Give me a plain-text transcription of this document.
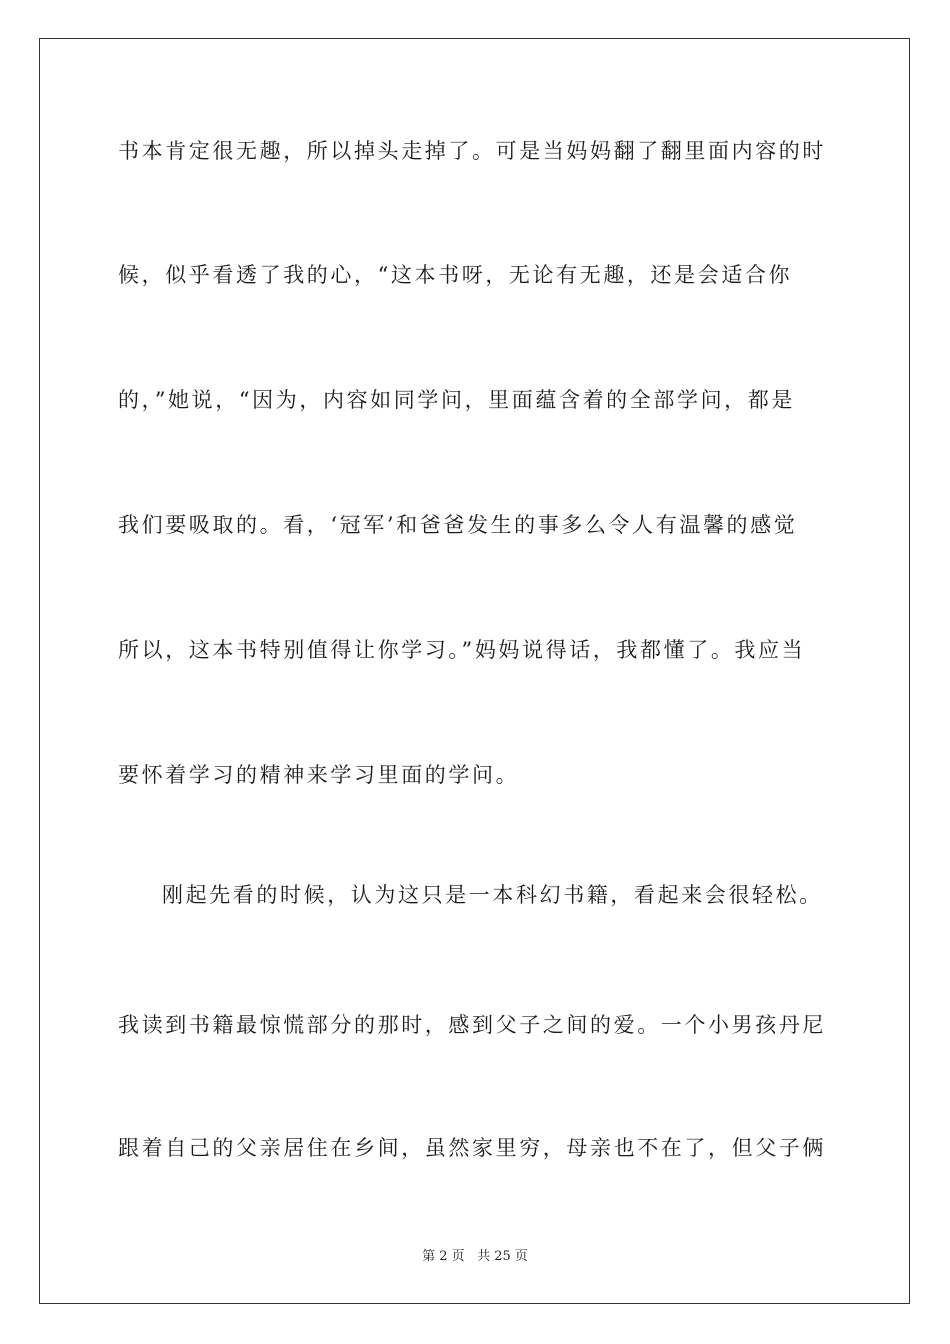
书本肯定很无趣，所以掉头走掉了。可是当妈妈翻了翻里面内容的时
候，似乎看透了我的心，“这本书呀，无论有无趣，还是会适合你
的，”她说，“因为，内容如同学问，里面蕴含着的全部学问，都是
我们要吸取的。看，‘冠军’和爸爸发生的事多么令人有温馨的感觉
所以，这本书特别值得让你学习。”妈妈说得话，我都懂了。我应当
要怀着学习的精神来学习里面的学问。
刚起先看的时候，认为这只是一本科幻书籍，看起来会很轻松。
我读到书籍最惊慌部分的那时，感到父子之间的爱。一个小男孩丹尼
跟着自己的父亲居住在乡间，虽然家里穷，母亲也不在了，但父子俩
第 2 页 共 25 页
